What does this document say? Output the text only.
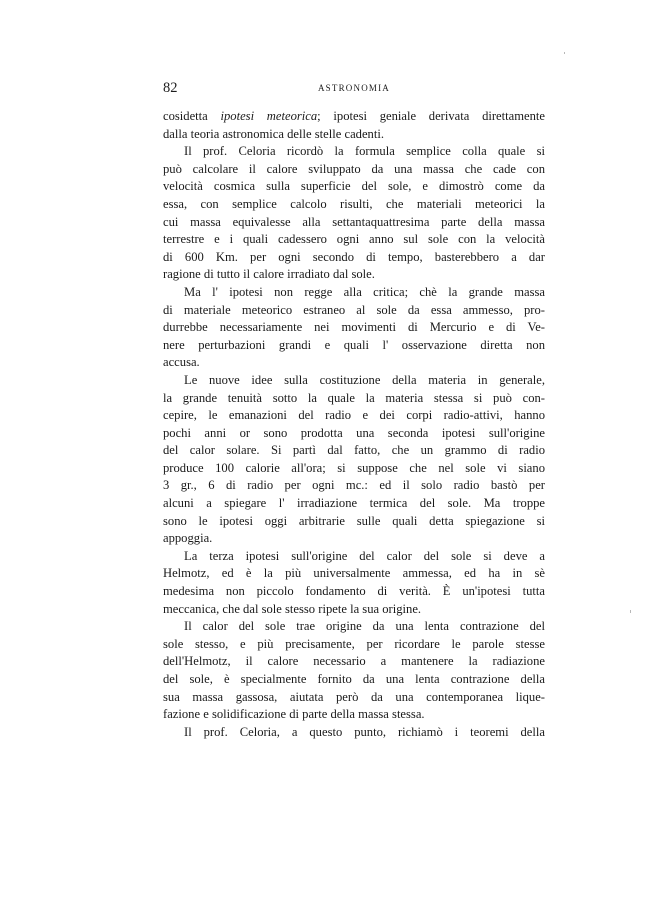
82	ASTRONOMIA
cosidetta ipotesi meteorica; ipotesi geniale derivata direttamente
dalla teoria astronomica delle stelle cadenti.
Il prof. Celoria ricordò la formula semplice colla quale si
può calcolare il calore sviluppato da una massa che cade con
velocità cosmica sulla superficie del sole, e dimostrò come da
essa, con semplice calcolo risulti, che materiali meteorici la
cui massa equivalesse alla settantaquattresima parte della massa
terrestre e i quali cadessero ogni anno sul sole con la velocità
di 600 Km. per ogni secondo di tempo, basterebbero a dar
ragione di tutto il calore irradiato dal sole.
Ma l' ipotesi non regge alla critica; chè la grande massa
di materiale meteorico estraneo al sole da essa ammesso, pro-
durrebbe necessariamente nei movimenti di Mercurio e di Ve-
nere perturbazioni grandi e quali l' osservazione diretta non
accusa.
Le nuove idee sulla costituzione della materia in generale,
la grande tenuità sotto la quale la materia stessa si può con-
cepire, le emanazioni del radio e dei corpi radio-attivi, hanno
pochi anni or sono prodotta una seconda ipotesi sull'origine
del calor solare. Si partì dal fatto, che un grammo di radio
produce 100 calorie all'ora; si suppose che nel sole vi siano
3 gr., 6 di radio per ogni mc.: ed il solo radio bastò per
alcuni a spiegare l' irradiazione termica del sole. Ma troppe
sono le ipotesi oggi arbitrarie sulle quali detta spiegazione si
appoggia.
La terza ipotesi sull'origine del calor del sole si deve a
Helmotz, ed è la più universalmente ammessa, ed ha in sè
medesima non piccolo fondamento di verità. È un'ipotesi tutta
meccanica, che dal sole stesso ripete la sua origine.
Il calor del sole trae origine da una lenta contrazione del
sole stesso, e più precisamente, per ricordare le parole stesse
dell'Helmotz, il calore necessario a mantenere la radiazione
del sole, è specialmente fornito da una lenta contrazione della
sua massa gassosa, aiutata però da una contemporanea lique-
fazione e solidificazione di parte della massa stessa.
Il prof. Celoria, a questo punto, richiamò i teoremi della
